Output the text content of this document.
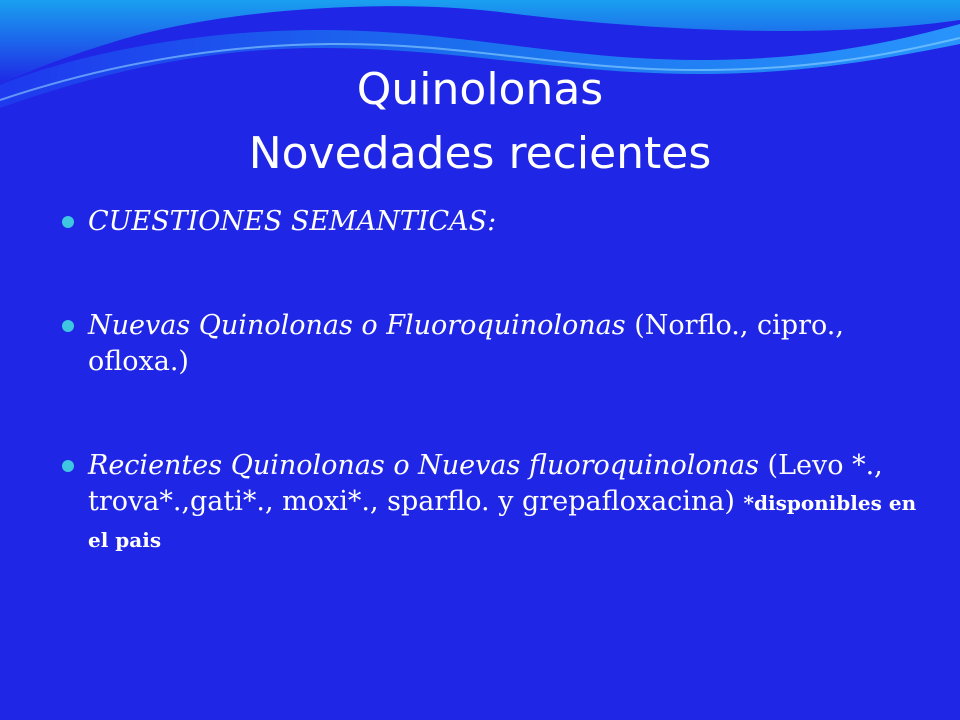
Quinolonas
Novedades recientes
CUESTIONES SEMANTICAS:
Nuevas Quinolonas o Fluoroquinolonas (Norflo., cipro., ofloxa.)
Recientes Quinolonas o Nuevas fluoroquinolonas (Levo *., trova*.,gati*., moxi*., sparflo. y grepafloxacina) *disponibles en el pais
